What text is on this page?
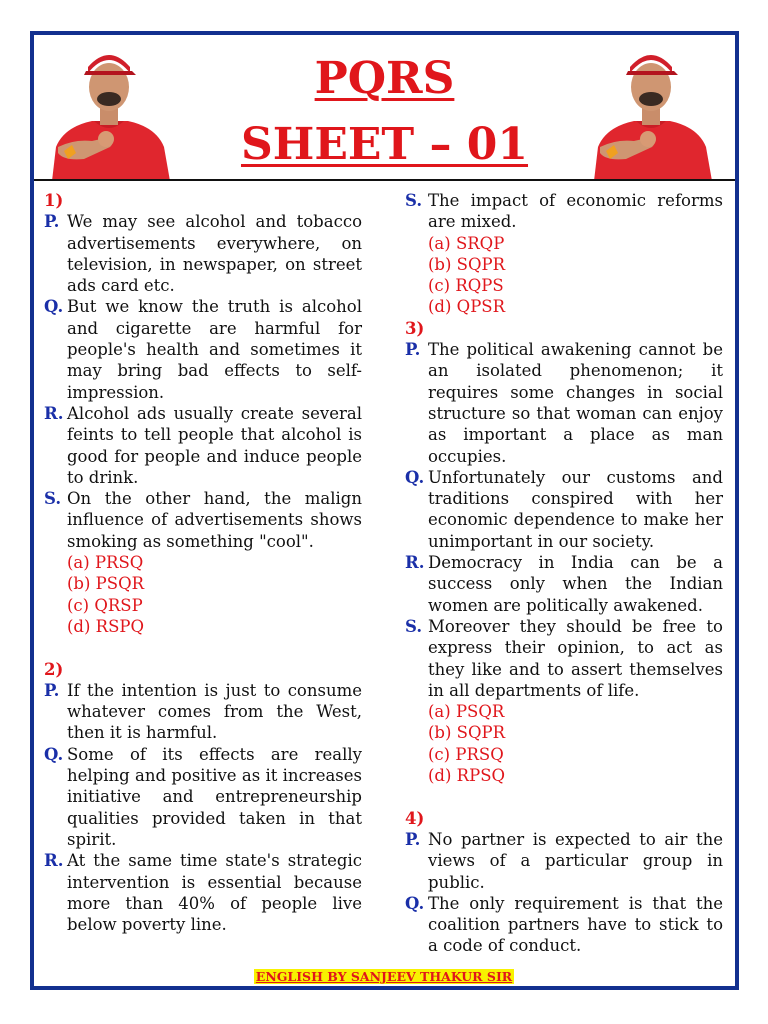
PQRS
SHEET – 01
1)
P. We may see alcohol and tobacco advertisements everywhere, on television, in newspaper, on street ads card etc.
Q. But we know the truth is alcohol and cigarette are harmful for people's health and sometimes it may bring bad effects to self-impression.
R. Alcohol ads usually create several feints to tell people that alcohol is good for people and induce people to drink.
S. On the other hand, the malign influence of advertisements shows smoking as something "cool".
(a) PRSQ
(b) PSQR
(c) QRSP
(d) RSPQ
2)
P. If the intention is just to consume whatever comes from the West, then it is harmful.
Q. Some of its effects are really helping and positive as it increases initiative and entrepreneurship qualities provided taken in that spirit.
R. At the same time state's strategic intervention is essential because more than 40% of people live below poverty line.
S. The impact of economic reforms are mixed.
(a) SRQP
(b) SQPR
(c) RQPS
(d) QPSR
3)
P. The political awakening cannot be an isolated phenomenon; it requires some changes in social structure so that woman can enjoy as important a place as man occupies.
Q. Unfortunately our customs and traditions conspired with her economic dependence to make her unimportant in our society.
R. Democracy in India can be a success only when the Indian women are politically awakened.
S. Moreover they should be free to express their opinion, to act as they like and to assert themselves in all departments of life.
(a) PSQR
(b) SQPR
(c) PRSQ
(d) RPSQ
4)
P. No partner is expected to air the views of a particular group in public.
Q. The only requirement is that the coalition partners have to stick to a code of conduct.
ENGLISH BY SANJEEV THAKUR SIR
